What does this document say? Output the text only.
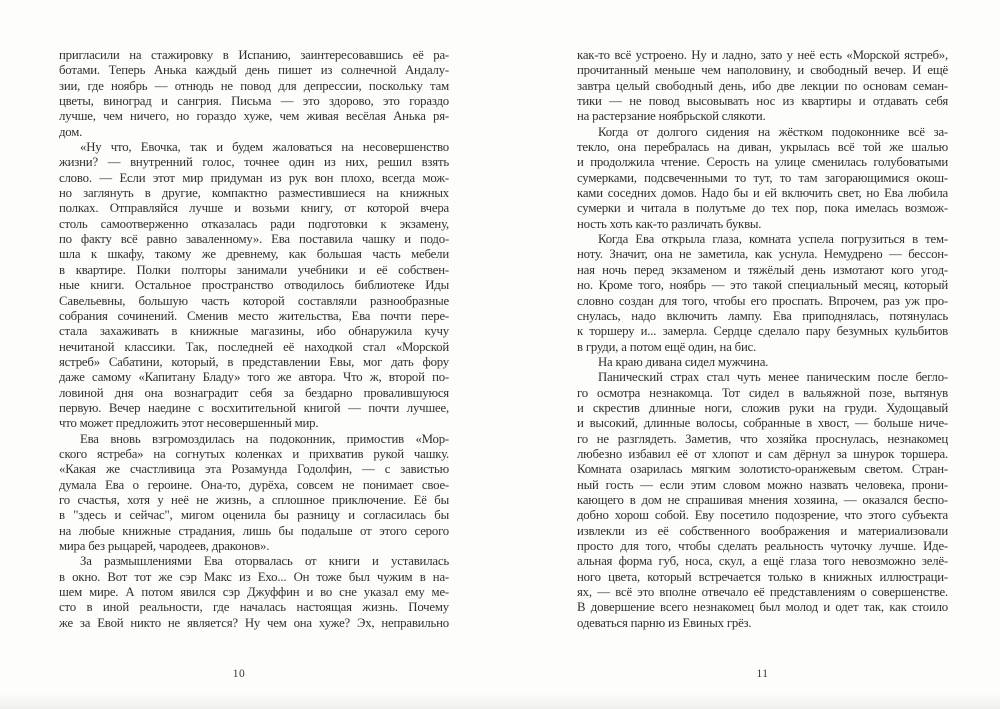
пригласили на стажировку в Испанию, заинтересовавшись её ра-
ботами. Теперь Анька каждый день пишет из солнечной Андалу-
зии, где ноябрь — отнюдь не повод для депрессии, поскольку там
цветы, виноград и сангрия. Письма — это здорово, это гораздо
лучше, чем ничего, но гораздо хуже, чем живая весёлая Анька ря-
дом.
«Ну что, Евочка, так и будем жаловаться на несовершенство
жизни? — внутренний голос, точнее один из них, решил взять
слово. — Если этот мир придуман из рук вон плохо, всегда мож-
но заглянуть в другие, компактно разместившиеся на книжных
полках. Отправляйся лучше и возьми книгу, от которой вчера
столь самоотверженно отказалась ради подготовки к экзамену,
по факту всё равно заваленному». Ева поставила чашку и подо-
шла к шкафу, такому же древнему, как большая часть мебели
в квартире. Полки полторы занимали учебники и её собствен-
ные книги. Остальное пространство отводилось библиотеке Иды
Савельевны, большую часть которой составляли разнообразные
собрания сочинений. Сменив место жительства, Ева почти пере-
стала захаживать в книжные магазины, ибо обнаружила кучу
нечитаной классики. Так, последней её находкой стал «Морской
ястреб» Сабатини, который, в представлении Евы, мог дать фору
даже самому «Капитану Бладу» того же автора. Что ж, второй по-
ловиной дня она вознаградит себя за бездарно провалившуюся
первую. Вечер наедине с восхитительной книгой — почти лучшее,
что может предложить этот несовершенный мир.
Ева вновь взгромоздилась на подоконник, примостив «Мор-
ского ястреба» на согнутых коленках и прихватив рукой чашку.
«Какая же счастливица эта Розамунда Годолфин, — с завистью
думала Ева о героине. Она-то, дурёха, совсем не понимает свое-
го счастья, хотя у неё не жизнь, а сплошное приключение. Её бы
в "здесь и сейчас", мигом оценила бы разницу и согласилась бы
на любые книжные страдания, лишь бы подальше от этого серого
мира без рыцарей, чародеев, драконов».
За размышлениями Ева оторвалась от книги и уставилась
в окно. Вот тот же сэр Макс из Ехо... Он тоже был чужим в на-
шем мире. А потом явился сэр Джуффин и во сне указал ему ме-
сто в иной реальности, где началась настоящая жизнь. Почему
же за Евой никто не является? Ну чем она хуже? Эх, неправильно
10
как-то всё устроено. Ну и ладно, зато у неё есть «Морской ястреб»,
прочитанный меньше чем наполовину, и свободный вечер. И ещё
завтра целый свободный день, ибо две лекции по основам семан-
тики — не повод высовывать нос из квартиры и отдавать себя
на растерзание ноябрьской слякоти.
Когда от долгого сидения на жёстком подоконнике всё за-
текло, она перебралась на диван, укрылась всё той же шалью
и продолжила чтение. Серость на улице сменилась голубоватыми
сумерками, подсвеченными то тут, то там загорающимися окош-
ками соседних домов. Надо бы и ей включить свет, но Ева любила
сумерки и читала в полутьме до тех пор, пока имелась возмож-
ность хоть как-то различать буквы.
Когда Ева открыла глаза, комната успела погрузиться в тем-
ноту. Значит, она не заметила, как уснула. Немудрено — бессон-
ная ночь перед экзаменом и тяжёлый день измотают кого угод-
но. Кроме того, ноябрь — это такой специальный месяц, который
словно создан для того, чтобы его проспать. Впрочем, раз уж про-
снулась, надо включить лампу. Ева приподнялась, потянулась
к торшеру и... замерла. Сердце сделало пару безумных кульбитов
в груди, а потом ещё один, на бис.
На краю дивана сидел мужчина.
Панический страх стал чуть менее паническим после бегло-
го осмотра незнакомца. Тот сидел в вальяжной позе, вытянув
и скрестив длинные ноги, сложив руки на груди. Худощавый
и высокий, длинные волосы, собранные в хвост, — больше ниче-
го не разглядеть. Заметив, что хозяйка проснулась, незнакомец
любезно избавил её от хлопот и сам дёрнул за шнурок торшера.
Комната озарилась мягким золотисто-оранжевым светом. Стран-
ный гость — если этим словом можно назвать человека, прони-
кающего в дом не спрашивая мнения хозяина, — оказался беспо-
добно хорош собой. Еву посетило подозрение, что этого субъекта
извлекли из её собственного воображения и материализовали
просто для того, чтобы сделать реальность чуточку лучше. Иде-
альная форма губ, носа, скул, а ещё глаза того невозможно зелё-
ного цвета, который встречается только в книжных иллюстраци-
ях, — всё это вполне отвечало её представлениям о совершенстве.
В довершение всего незнакомец был молод и одет так, как стоило
одеваться парню из Евиных грёз.
11
